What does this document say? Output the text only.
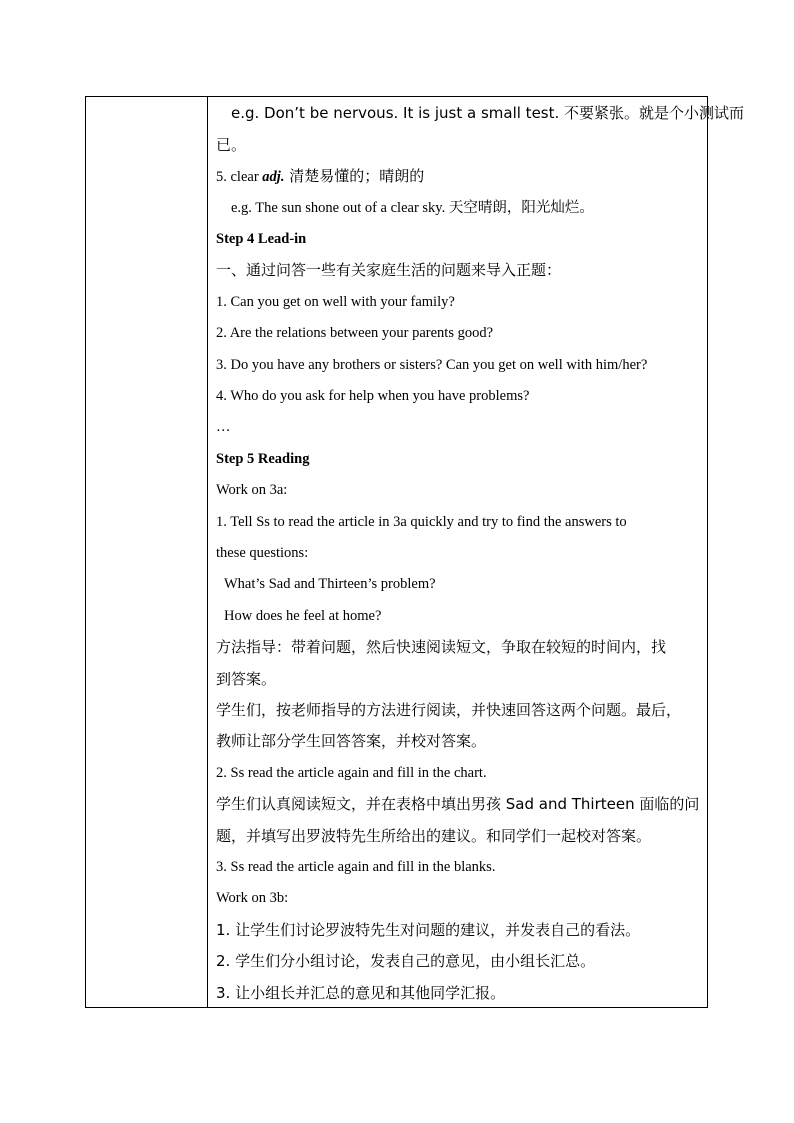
e.g. Don’t be nervous. It is just a small test. 不要紧张。就是个小测试而
已。
5. clear adj. 清楚易懂的；晴朗的
e.g. The sun shone out of a clear sky. 天空晴朗，阳光灿烂。
Step 4 Lead-in
一、通过问答一些有关家庭生活的问题来导入正题：
1. Can you get on well with your family?
2. Are the relations between your parents good?
3. Do you have any brothers or sisters? Can you get on well with him/her?
4. Who do you ask for help when you have problems?
…
Step 5 Reading
Work on 3a:
1. Tell Ss to read the article in 3a quickly and try to find the answers to
these questions:
What’s Sad and Thirteen’s problem?
How does he feel at home?
方法指导：带着问题，然后快速阅读短文，争取在较短的时间内，找
到答案。
学生们，按老师指导的方法进行阅读，并快速回答这两个问题。最后，
教师让部分学生回答答案，并校对答案。
2. Ss read the article again and fill in the chart.
学生们认真阅读短文，并在表格中填出男孩 Sad and Thirteen 面临的问
题，并填写出罗波特先生所给出的建议。和同学们一起校对答案。
3. Ss read the article again and fill in the blanks.
Work on 3b:
1. 让学生们讨论罗波特先生对问题的建议，并发表自己的看法。
2. 学生们分小组讨论，发表自己的意见，由小组长汇总。
3. 让小组长并汇总的意见和其他同学汇报。
